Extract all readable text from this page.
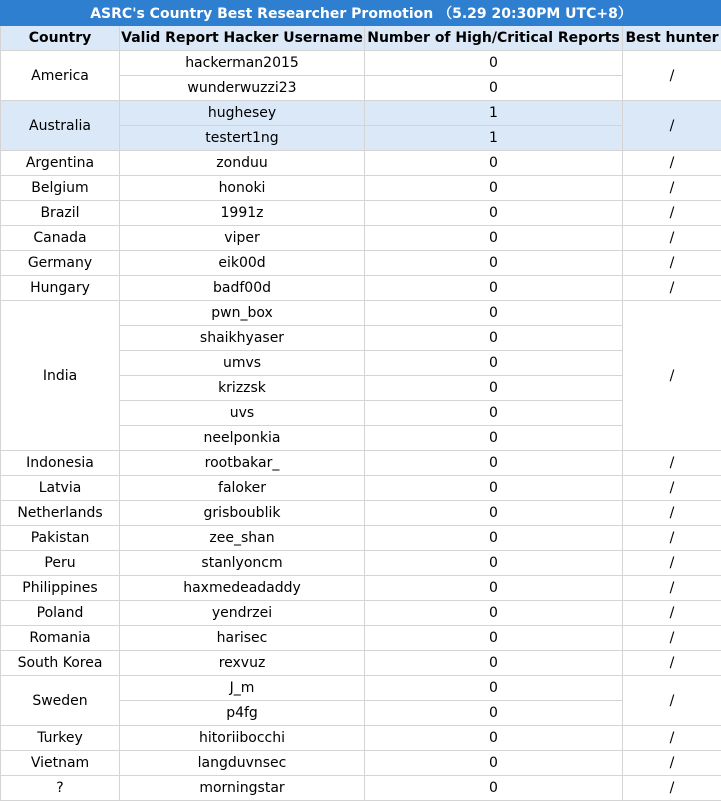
ASRC's Country Best Researcher Promotion （5.29 20:30PM UTC+8）			
Country	Valid Report Hacker Username	Number of High/Critical Reports	Best hunter
America	hackerman2015	0	/
	wunderwuzzi23	0	
Australia	hughesey	1	/
	testert1ng	1	
Argentina	zonduu	0	/
Belgium	honoki	0	/
Brazil	1991z	0	/
Canada	viper	0	/
Germany	eik00d	0	/
Hungary	badf00d	0	/
India	pwn_box	0	/
	shaikhyaser	0	
	umvs	0	
	krizzsk	0	
	uvs	0	
	neelponkia	0	
Indonesia	rootbakar_	0	/
Latvia	faloker	0	/
Netherlands	grisboublik	0	/
Pakistan	zee_shan	0	/
Peru	stanlyoncm	0	/
Philippines	haxmedeadaddy	0	/
Poland	yendrzei	0	/
Romania	harisec	0	/
South Korea	rexvuz	0	/
Sweden	J_m	0	/
	p4fg	0	
Turkey	hitoriibocchi	0	/
Vietnam	langduvnsec	0	/
?	morningstar	0	/
